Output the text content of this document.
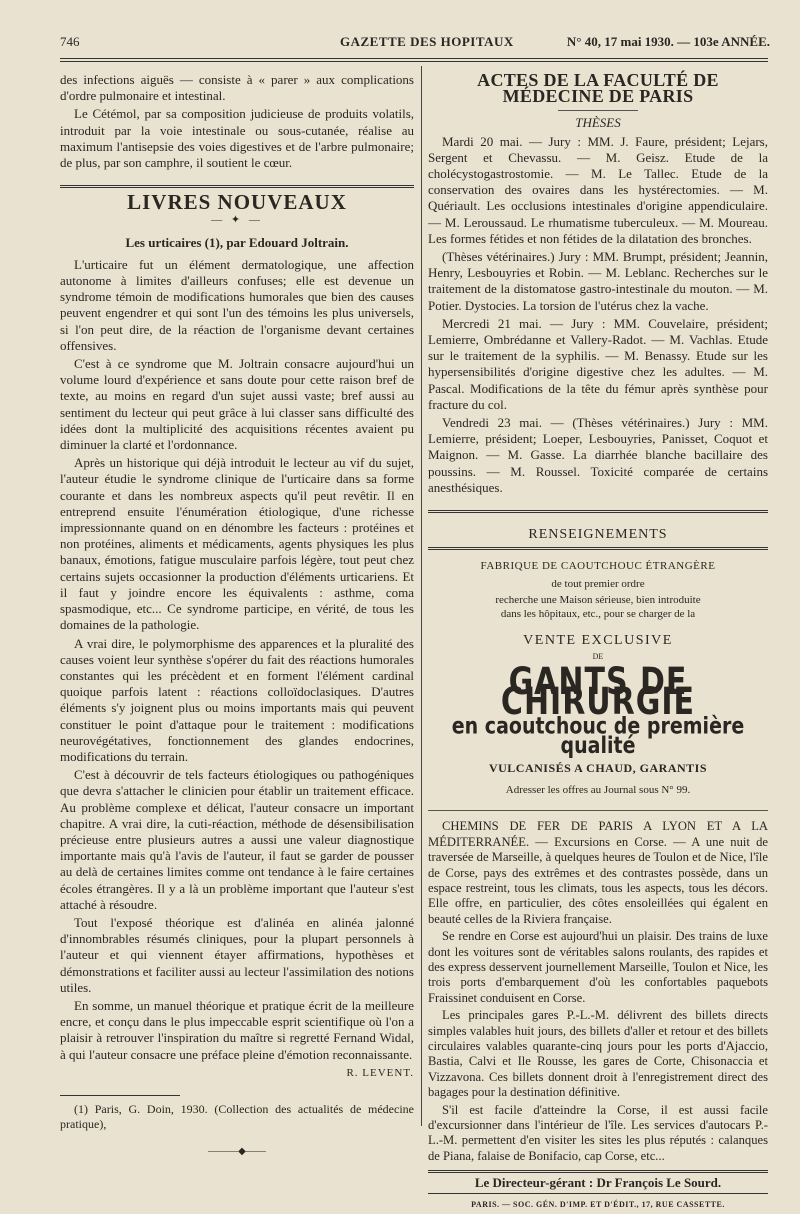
746	GAZETTE DES HOPITAUX	N° 40, 17 mai 1930. — 103e ANNÉE.

des infections aiguës — consiste à « parer » aux complications d'ordre pulmonaire et intestinal.

Le Cétémol, par sa composition judicieuse de produits volatils, introduit par la voie intestinale ou sous-cutanée, réalise au maximum l'antisepsie des voies digestives et de l'arbre pulmonaire; de plus, par son camphre, il soutient le cœur.

LIVRES NOUVEAUX
— ✦ —
Les urticaires (1), par Edouard Joltrain.

L'urticaire fut un élément dermatologique, une affection autonome à limites d'ailleurs confuses; elle est devenue un syndrome témoin de modifications humorales que bien des causes peuvent engendrer et qui sont l'un des témoins les plus universels, si l'on peut dire, de la réaction de l'organisme devant certaines offensives.

C'est à ce syndrome que M. Joltrain consacre aujourd'hui un volume lourd d'expérience et sans doute pour cette raison bref de texte, au moins en regard d'un sujet aussi vaste; bref aussi au sentiment du lecteur qui peut grâce à lui classer sans difficulté des idées dont la multiplicité des acquisitions récentes avaient pu diminuer la clarté et l'ordonnance.

Après un historique qui déjà introduit le lecteur au vif du sujet, l'auteur étudie le syndrome clinique de l'urticaire dans sa forme courante et dans les nombreux aspects qu'il peut revêtir. Il en entreprend ensuite l'énumération étiologique, d'une richesse impressionnante quand on en dénombre les facteurs : protéines et non protéines, aliments et médicaments, agents physiques les plus banaux, émotions, fatigue musculaire parfois légère, tout peut chez certains sujets occasionner la production d'éléments urticariens. Et il faut y joindre encore les équivalents : asthme, coma spasmodique, etc... Ce syndrome participe, en vérité, de tous les domaines de la pathologie.

A vrai dire, le polymorphisme des apparences et la pluralité des causes voient leur synthèse s'opérer du fait des réactions humorales constantes qui les précèdent et en forment l'élément cardinal quoique parfois latent : réactions colloïdoclasiques. D'autres éléments s'y joignent plus ou moins importants mais qui peuvent constituer le point d'attaque pour le traitement : modifications neurovégétatives, fonctionnement des glandes endocrines, modifications du terrain.

C'est à découvrir de tels facteurs étiologiques ou pathogéniques que devra s'attacher le clinicien pour établir un traitement efficace. Au problème complexe et délicat, l'auteur consacre un important chapitre. A vrai dire, la cuti-réaction, méthode de désensibilisation précieuse entre plusieurs autres a aussi une valeur diagnostique importante mais qu'à l'avis de l'auteur, il faut se garder de pousser au delà de certaines limites comme ont tendance à le faire certaines écoles étrangères. Il y a là un problème important que l'auteur s'est attaché à résoudre.

Tout l'exposé théorique est d'alinéa en alinéa jalonné d'innombrables résumés cliniques, pour la plupart personnels à l'auteur et qui viennent étayer affirmations, hypothèses et démonstrations et faciliter aussi au lecteur l'assimilation des notions utiles.

En somme, un manuel théorique et pratique écrit de la meilleure encre, et conçu dans le plus impeccable esprit scientifique où l'on a plaisir à retrouver l'inspiration du maître si regretté Fernand Widal, à qui l'auteur consacre une préface pleine d'émotion reconnaissante.

R. LEVENT.

(1) Paris, G. Doin, 1930. (Collection des actualités de médecine pratique),

———◆——
ACTES DE LA FACULTÉ DE MÉDECINE DE PARIS
THÈSES

Mardi 20 mai. — Jury : MM. J. Faure, président; Lejars, Sergent et Chevassu. — M. Geisz. Etude de la cholécystogastrostomie. — M. Le Tallec. Etude de la conservation des ovaires dans les hystérectomies. — M. Quériault. Les occlusions intestinales d'origine appendiculaire. — M. Leroussaud. Le rhumatisme tuberculeux. — M. Moureau. Les formes fétides et non fétides de la dilatation des bronches.

(Thèses vétérinaires.) Jury : MM. Brumpt, président; Jeannin, Henry, Lesbouyries et Robin. — M. Leblanc. Recherches sur le traitement de la distomatose gastro-intestinale du mouton. — M. Potier. Dystocies. La torsion de l'utérus chez la vache.

Mercredi 21 mai. — Jury : MM. Couvelaire, président; Lemierre, Ombrédanne et Vallery-Radot. — M. Vachlas. Etude sur le traitement de la syphilis. — M. Benassy. Etude sur les hypersensibilités d'origine digestive chez les adultes. — M. Pascal. Modifications de la tête du fémur après synthèse pour fracture du col.

Vendredi 23 mai. — (Thèses vétérinaires.) Jury : MM. Lemierre, président; Loeper, Lesbouyries, Panisset, Coquot et Maignon. — M. Gasse. La diarrhée blanche bacillaire des poussins. — M. Roussel. Toxicité comparée de certains anesthésiques.

RENSEIGNEMENTS
FABRIQUE DE CAOUTCHOUC ÉTRANGÈRE
de tout premier ordre
recherche une Maison sérieuse, bien introduite
dans les hôpitaux, etc., pour se charger de la
VENTE EXCLUSIVE
DE
GANTS DE CHIRURGIE
en caoutchouc de première qualité
VULCANISÉS A CHAUD, GARANTIS
Adresser les offres au Journal sous N° 99.

CHEMINS DE FER DE PARIS A LYON ET A LA MÉDITERRANÉE. — Excursions en Corse. — A une nuit de traversée de Marseille, à quelques heures de Toulon et de Nice, l'île de Corse, pays des extrêmes et des contrastes possède, dans un espace restreint, tous les climats, tous les aspects, tous les décors. Elle offre, en particulier, des côtes ensoleillées qui égalent en beauté celles de la Riviera française.

Se rendre en Corse est aujourd'hui un plaisir. Des trains de luxe dont les voitures sont de véritables salons roulants, des rapides et des express desservent journellement Marseille, Toulon et Nice, les trois ports d'embarquement d'où les confortables paquebots Fraissinet conduisent en Corse.

Les principales gares P.-L.-M. délivrent des billets directs simples valables huit jours, des billets d'aller et retour et des billets circulaires valables quarante-cinq jours pour les ports d'Ajaccio, Bastia, Calvi et Ile Rousse, les gares de Corte, Chisonaccia et Vizzavona. Ces billets donnent droit à l'enregistrement direct des bagages pour la destination définitive.

S'il est facile d'atteindre la Corse, il est aussi facile d'excursionner dans l'intérieur de l'île. Les services d'autocars P.-L.-M. permettent d'en visiter les sites les plus réputés : calanques de Piana, falaise de Bonifacio, cap Corse, etc...

Le Directeur-gérant : Dr François Le Sourd.
PARIS. — SOC. GÉN. D'IMP. ET D'ÉDIT., 17, RUE CASSETTE.
